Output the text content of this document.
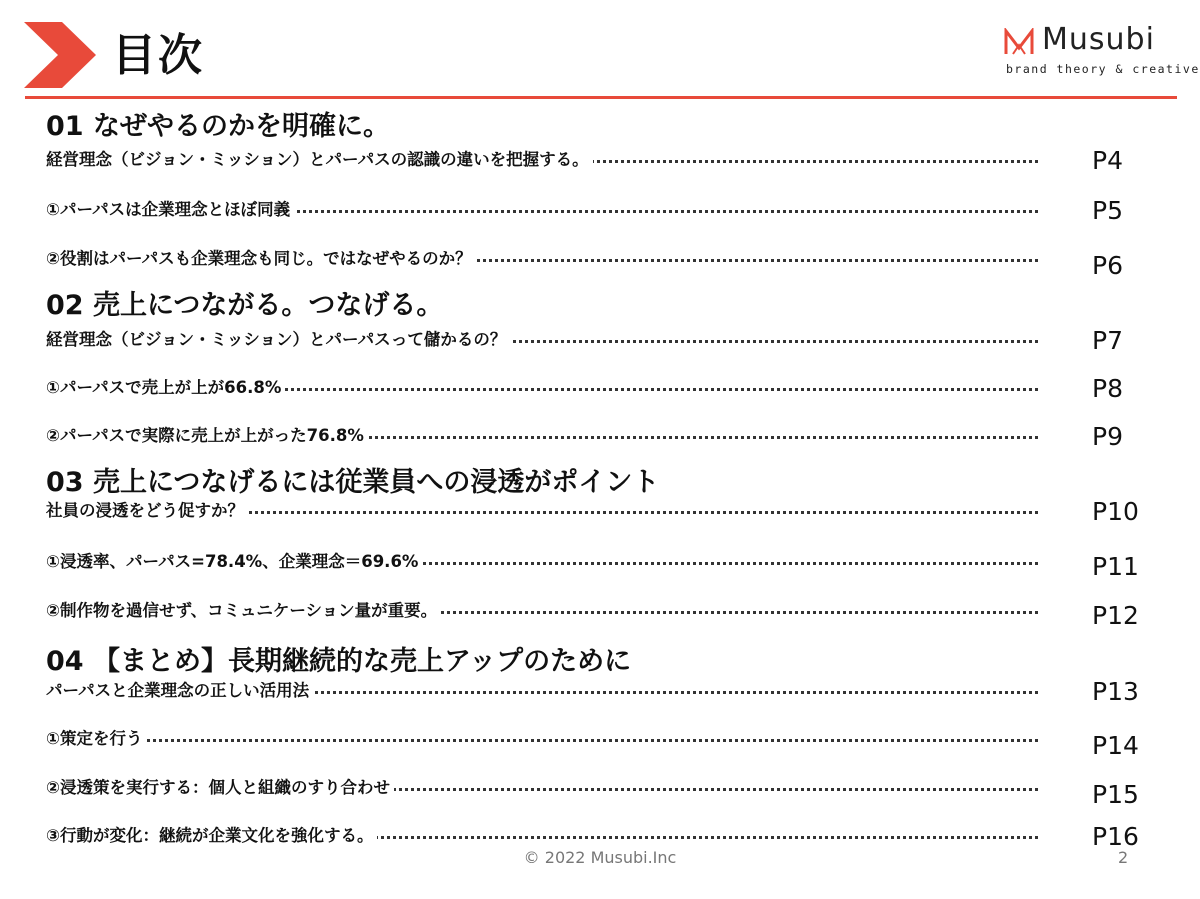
目次	Musubi
brand theory & creative
01 なぜやるのかを明確に。
経営理念（ビジョン・ミッション）とパーパスの認識の違いを把握する。	P4
①パーパスは企業理念とほぼ同義	P5
②役割はパーパスも企業理念も同じ。ではなぜやるのか？	P6
02 売上につながる。つなげる。
経営理念（ビジョン・ミッション）とパーパスって儲かるの？	P7
①パーパスで売上が上が66.8%	P8
②パーパスで実際に売上が上がった76.8%	P9
03 売上につなげるには従業員への浸透がポイント
社員の浸透をどう促すか？	P10
①浸透率、パーパス=78.4%、企業理念＝69.6%	P11
②制作物を過信せず、コミュニケーション量が重要。	P12
04 【まとめ】長期継続的な売上アップのために
パーパスと企業理念の正しい活用法	P13
①策定を行う	P14
②浸透策を実行する：個人と組織のすり合わせ	P15
③行動が変化：継続が企業文化を強化する。	P16
© 2022 Musubi.Inc	2
